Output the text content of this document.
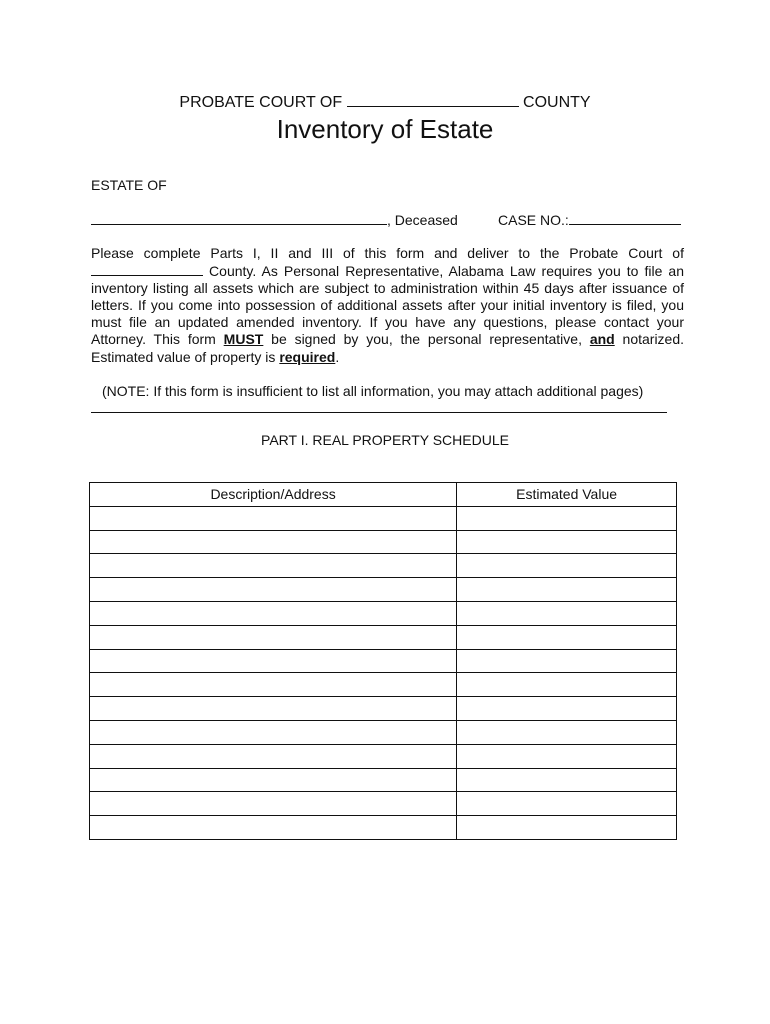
PROBATE COURT OF	COUNTY
Inventory of Estate
ESTATE OF
, Deceased	CASE NO.:
Please complete Parts I, II and III of this form and deliver to the Probate Court of  County. As Personal Representative, Alabama Law requires you to file an inventory listing all assets which are subject to administration within 45 days after issuance of letters. If you come into possession of additional assets after your initial inventory is filed, you must file an updated amended inventory. If you have any questions, please contact your Attorney. This form MUST be signed by you, the personal representative, and notarized. Estimated value of property is required.
(NOTE: If this form is insufficient to list all information, you may attach additional pages)
PART I. REAL PROPERTY SCHEDULE
Description/Address	Estimated Value
